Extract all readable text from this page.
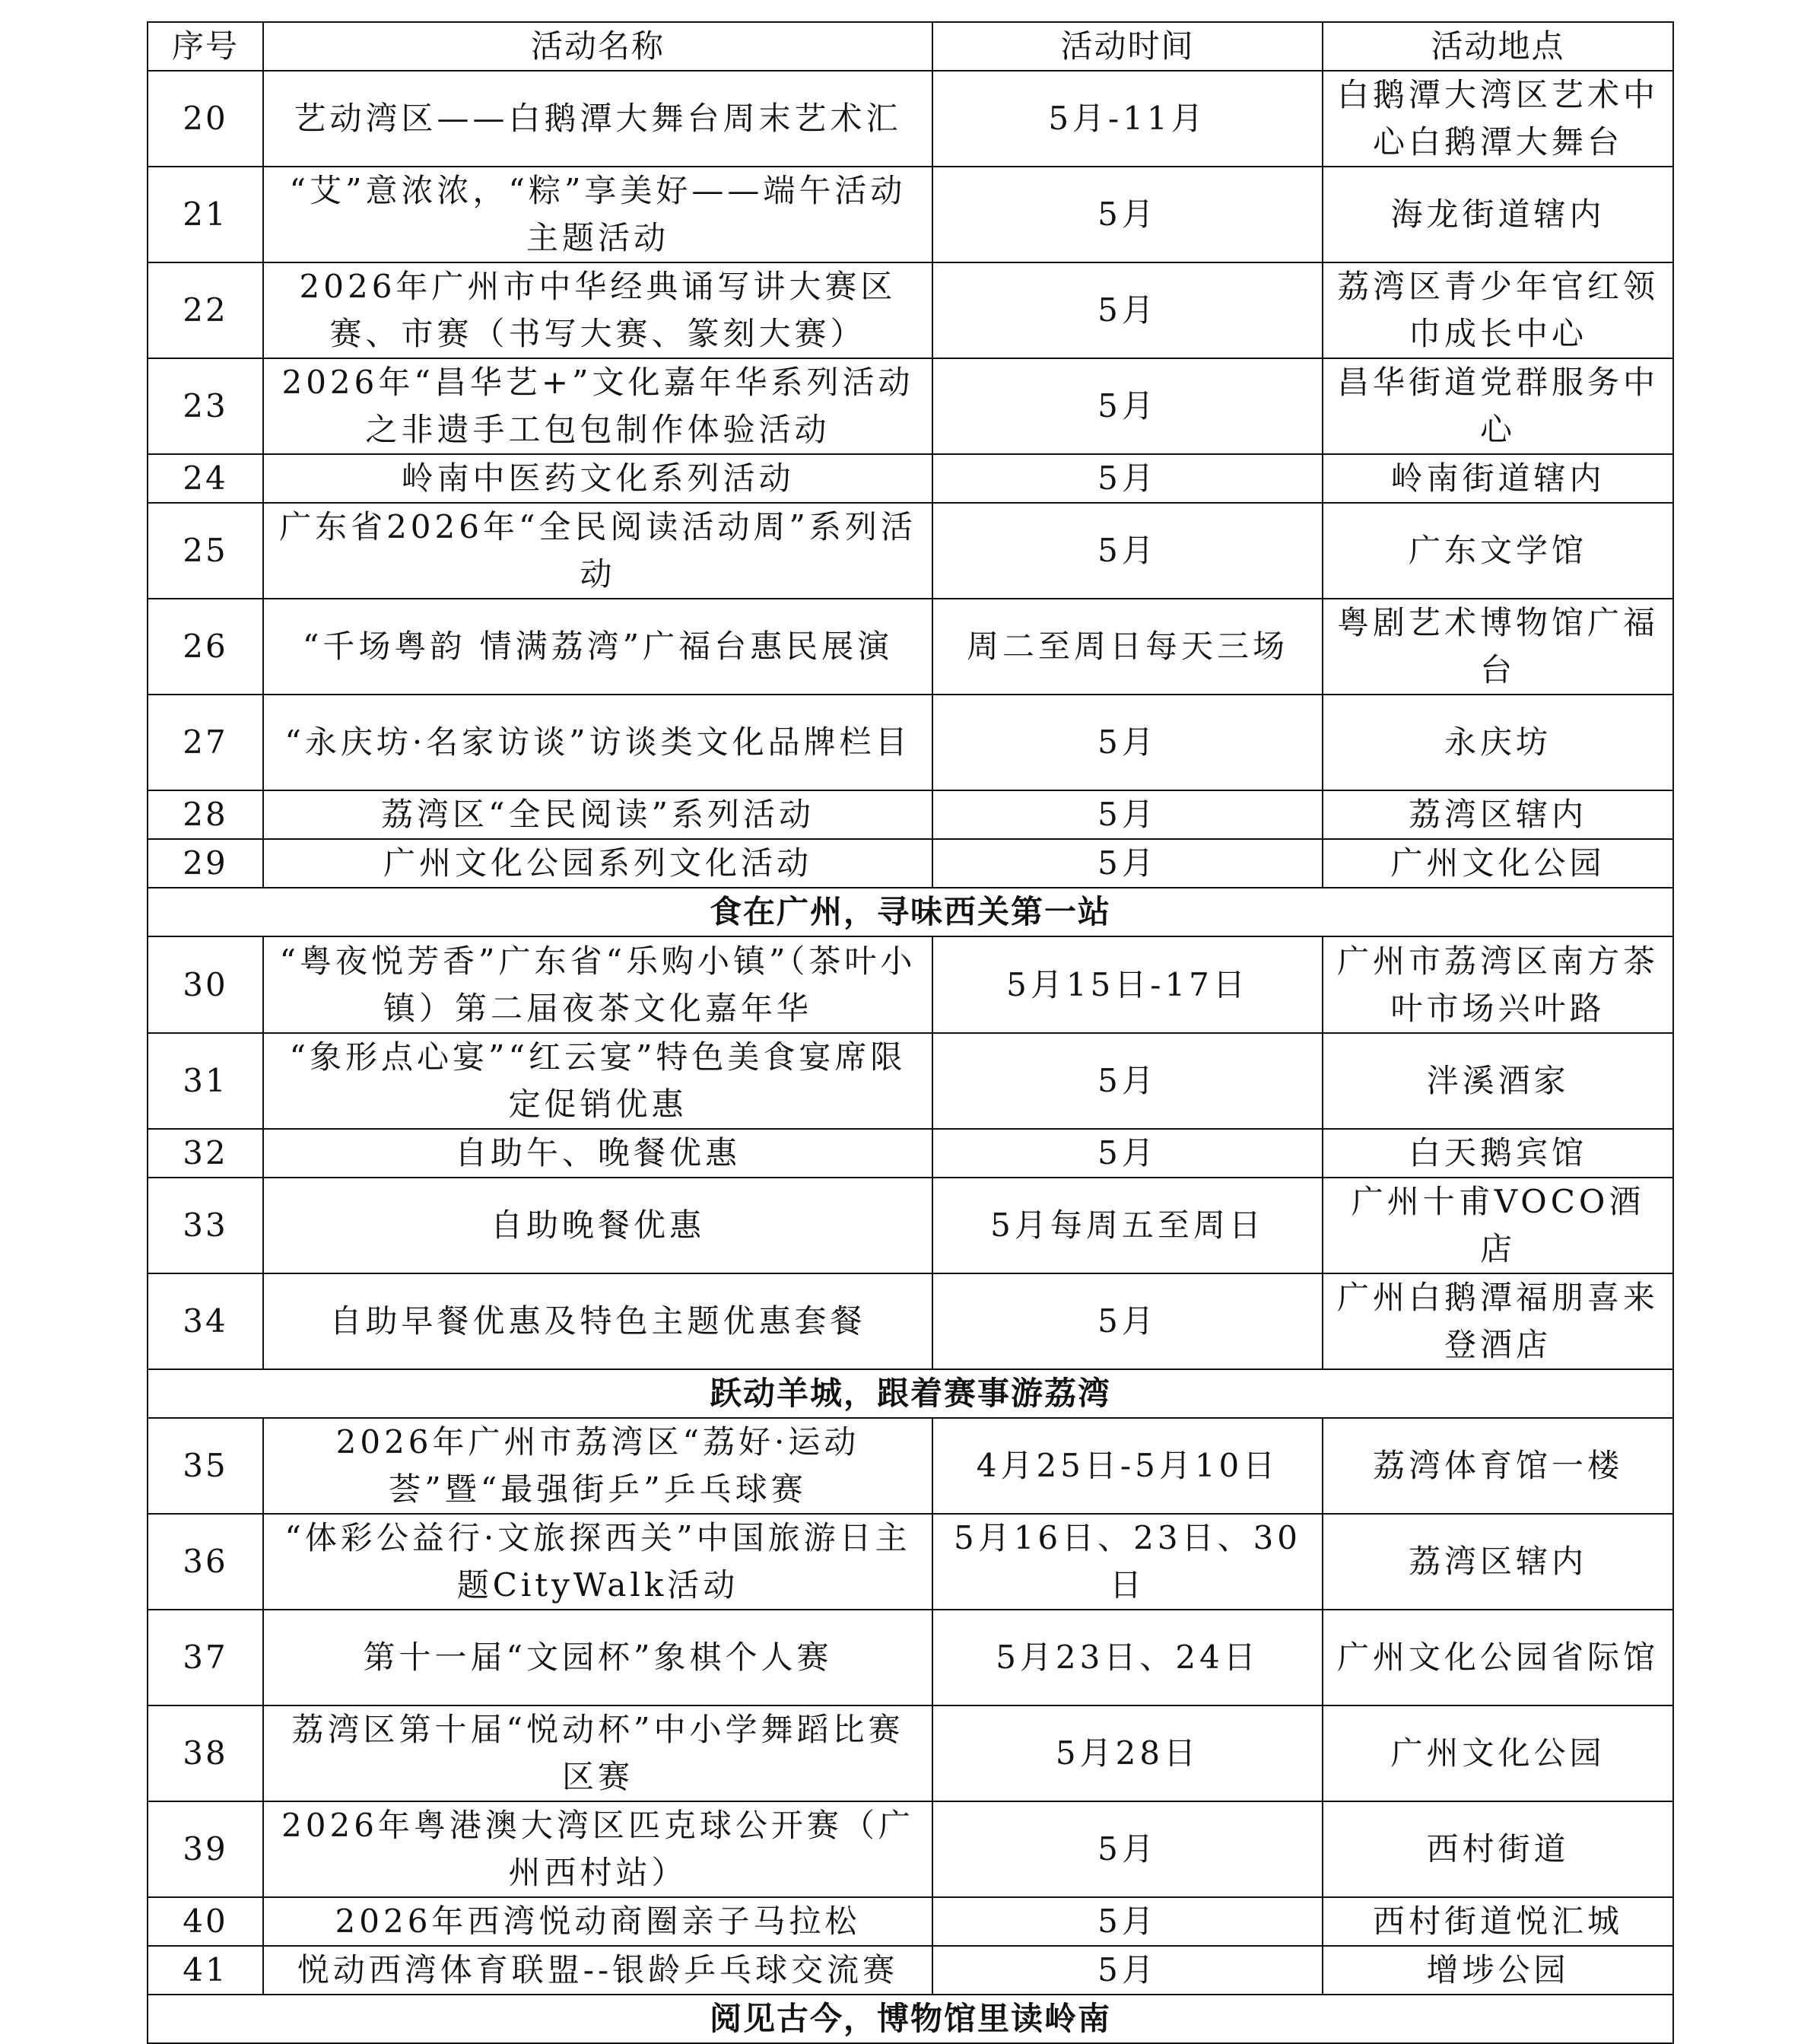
序号	活动名称	活动时间	活动地点
20	艺动湾区——白鹅潭大舞台周末艺术汇	5月-11月	白鹅潭大湾区艺术中心白鹅潭大舞台
21	“艾”意浓浓，“粽”享美好——端午活动主题活动	5月	海龙街道辖内
22	2026年广州市中华经典诵写讲大赛区赛、市赛（书写大赛、篆刻大赛）	5月	荔湾区青少年官红领巾成长中心
23	2026年“昌华艺+”文化嘉年华系列活动之非遗手工包包制作体验活动	5月	昌华街道党群服务中心
24	岭南中医药文化系列活动	5月	岭南街道辖内
25	广东省2026年“全民阅读活动周”系列活动	5月	广东文学馆
26	“千场粤韵 情满荔湾”广福台惠民展演	周二至周日每天三场	粤剧艺术博物馆广福台
27	“永庆坊·名家访谈”访谈类文化品牌栏目	5月	永庆坊
28	荔湾区“全民阅读”系列活动	5月	荔湾区辖内
29	广州文化公园系列文化活动	5月	广州文化公园
食在广州，寻味西关第一站			
30	“粤夜悦芳香”广东省“乐购小镇”（茶叶小镇）第二届夜茶文化嘉年华	5月15日-17日	广州市荔湾区南方茶叶市场兴叶路
31	“象形点心宴”“红云宴”特色美食宴席限定促销优惠	5月	泮溪酒家
32	自助午、晚餐优惠	5月	白天鹅宾馆
33	自助晚餐优惠	5月每周五至周日	广州十甫VOCO酒店
34	自助早餐优惠及特色主题优惠套餐	5月	广州白鹅潭福朋喜来登酒店
跃动羊城，跟着赛事游荔湾			
35	2026年广州市荔湾区“荔好·运动荟”暨“最强街乒”乒乓球赛	4月25日-5月10日	荔湾体育馆一楼
36	“体彩公益行·文旅探西关”中国旅游日主题CityWalk活动	5月16日、23日、30日	荔湾区辖内
37	第十一届“文园杯”象棋个人赛	5月23日、24日	广州文化公园省际馆
38	荔湾区第十届“悦动杯”中小学舞蹈比赛区赛	5月28日	广州文化公园
39	2026年粤港澳大湾区匹克球公开赛（广州西村站）	5月	西村街道
40	2026年西湾悦动商圈亲子马拉松	5月	西村街道悦汇城
41	悦动西湾体育联盟--银龄乒乓球交流赛	5月	增埗公园
阅见古今，博物馆里读岭南			
